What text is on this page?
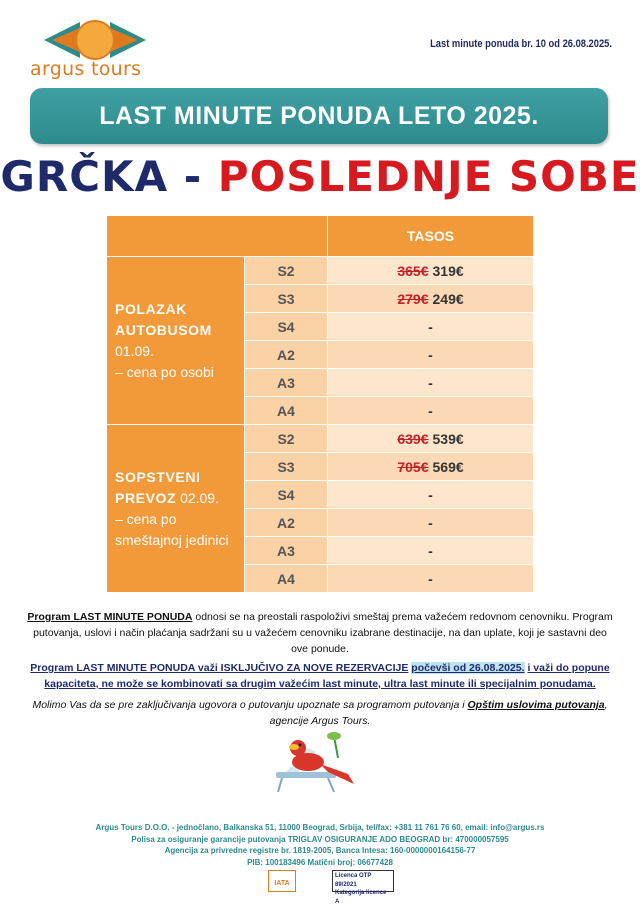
argus tours
Last minute ponuda br. 10 od 26.08.2025.
LAST MINUTE PONUDA LETO 2025.
GRČKA - POSLEDNJE SOBE
		TASOS
POLAZAK AUTOBUSOM
01.09.
– cena po osobi	S2	365€ 319€
	S3	279€ 249€
	S4	-
	A2	-
	A3	-
	A4	-
SOPSTVENI PREVOZ 02.09.
– cena po smeštajnoj jedinici	S2	639€ 539€
	S3	705€ 569€
	S4	-
	A2	-
	A3	-
	A4	-
Program LAST MINUTE PONUDA odnosi se na preostali raspoloživi smeštaj prema važećem redovnom cenovniku. Program putovanja, uslovi i način plaćanja sadržani su u važećem cenovniku izabrane destinacije, na dan uplate, koji je sastavni deo ove ponude.
Program LAST MINUTE PONUDA važi ISKLJUČIVO ZA NOVE REZERVACIJE počevši od 26.08.2025. i važi do popune kapaciteta, ne može se kombinovati sa drugim važećim last minute, ultra last minute ili specijalnim ponudama.
Molimo Vas da se pre zaključivanja ugovora o putovanju upoznate sa programom putovanja i Opštim uslovima putovanja, agencije Argus Tours.
Argus Tours D.O.O. - jednočlano, Balkanska 51, 11000 Beograd, Srbija, tel/fax: +381 11 761 76 60, email: info@argus.rs
Polisa za osiguranje garancije putovanja TRIGLAV OSIGURANJE ADO BEOGRAD br: 470000057595
Agencija za privredne registre br. 1819-2005, Banca Intesa: 160-0000000164156-77
PIB: 100183496 Matični broj: 06677428
IATA
Licenca OTP 89/2021
Kategorija licence A
